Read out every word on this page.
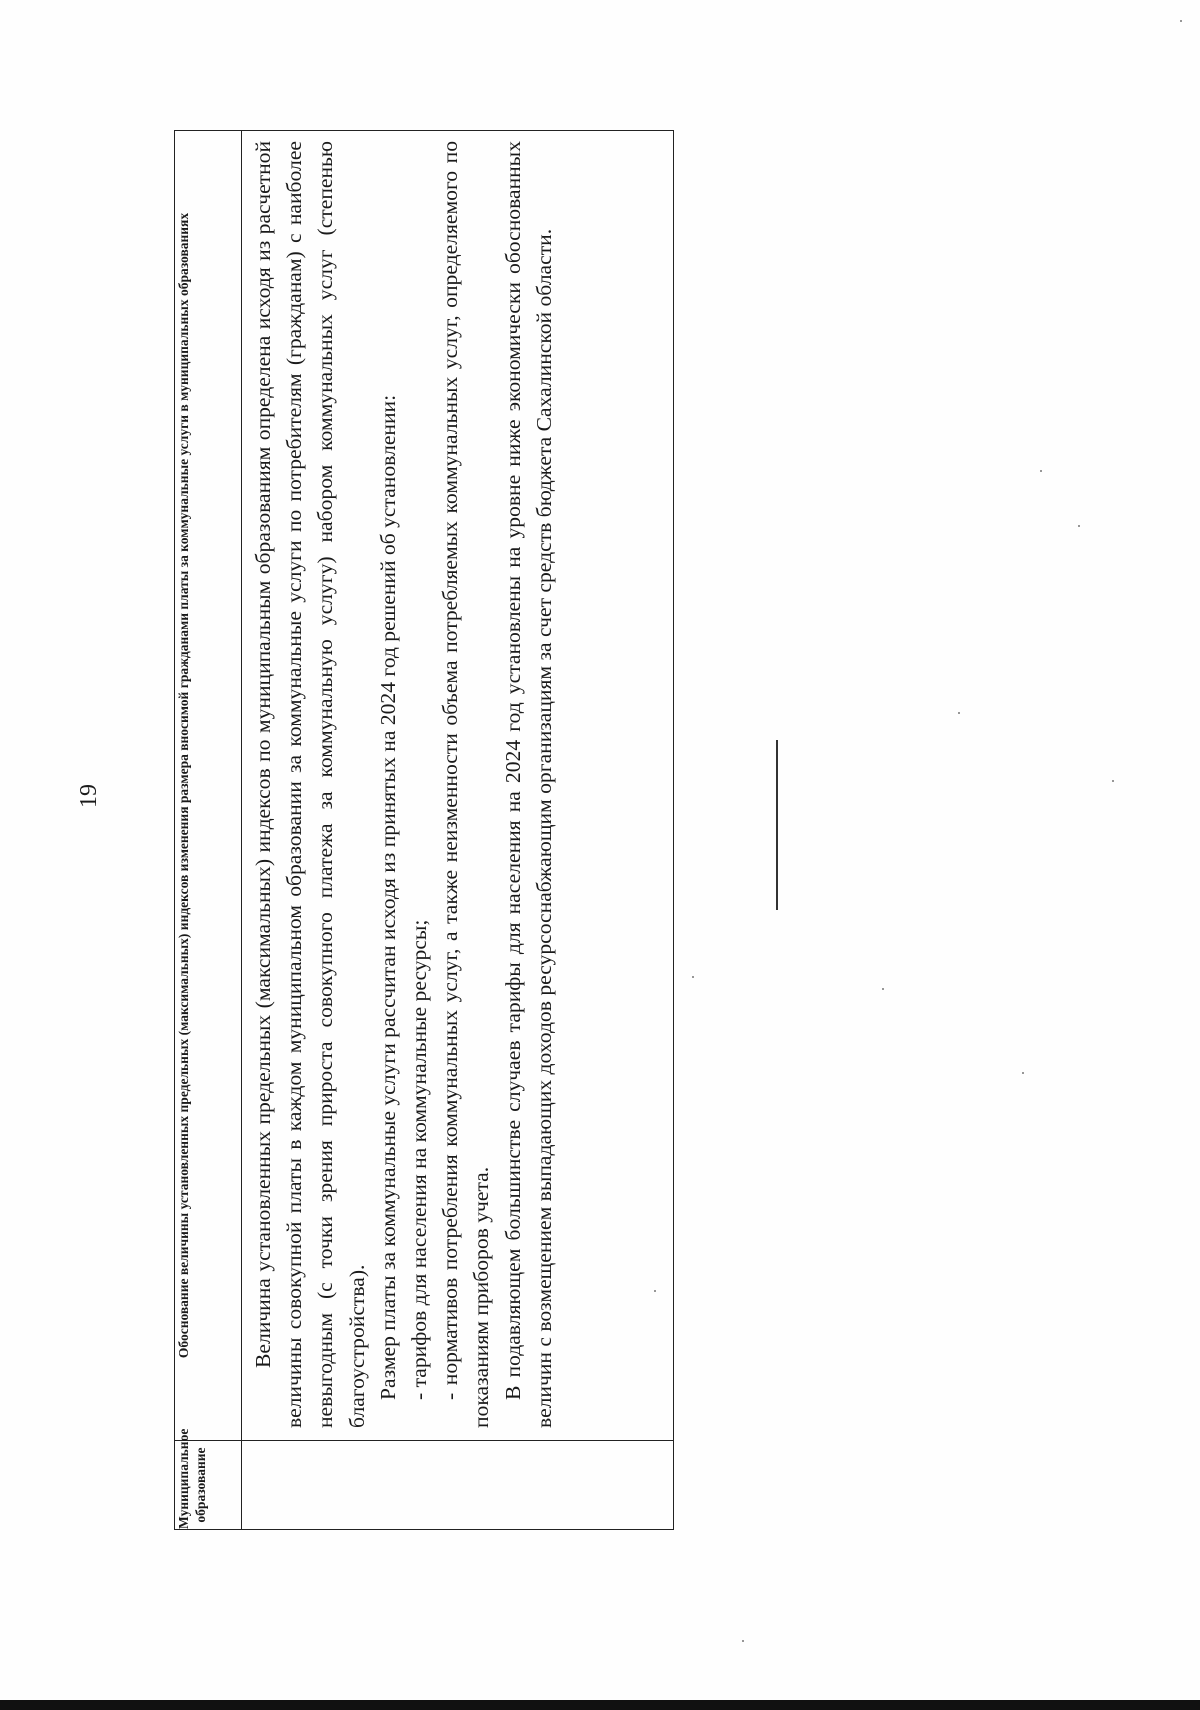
19
Муниципальное образование	Обоснование величины установленных предельных (максимальных) индексов изменения размера вносимой гражданами платы за коммунальные услуги в муниципальных образованиях

	Величина установленных предельных (максимальных) индексов по муниципальным образованиям определена исходя из расчетной величины совокупной платы в каждом муниципальном образовании за коммунальные услуги по потребителям (гражданам) с наиболее невыгодным (с точки зрения прироста совокупного платежа за коммунальную услугу) набором коммунальных услуг (степенью благоустройства). Размер платы за коммунальные услуги рассчитан исходя из принятых на 2024 год решений об установлении: - тарифов для населения на коммунальные ресурсы; - нормативов потребления коммунальных услуг, а также неизменности объема потребляемых коммунальных услуг, определяемого по показаниям приборов учета. В подавляющем большинстве случаев тарифы для населения на 2024 год установлены на уровне ниже экономически обоснованных величин с возмещением выпадающих доходов ресурсоснабжающим организациям за счет средств бюджета Сахалинской области.
